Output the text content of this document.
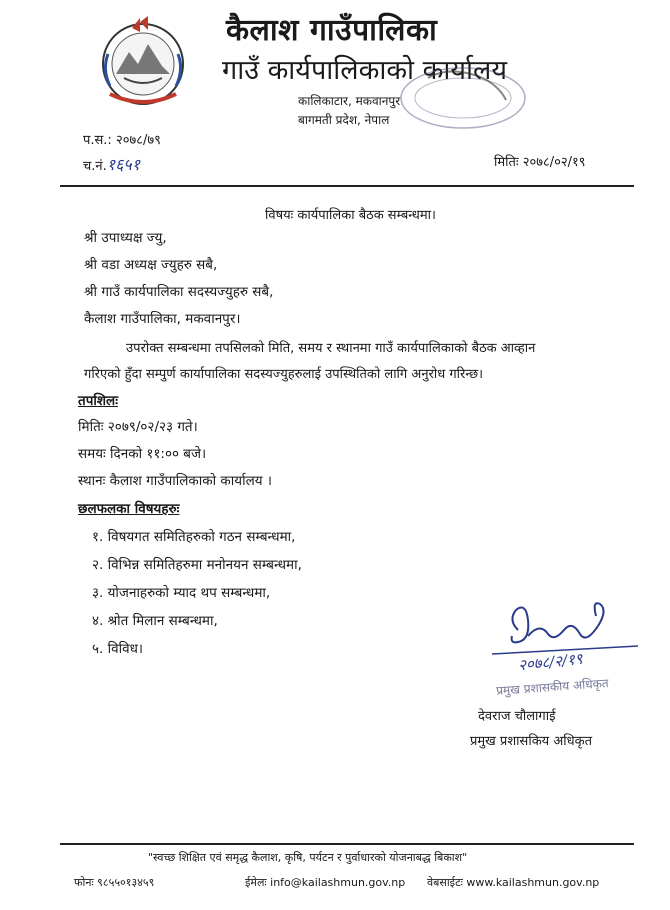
कैलाश गाउँपालिका
गाउँ कार्यपालिकाको कार्यालय
कालिकाटार, मकवानपुर
बागमती प्रदेश, नेपाल
प.स.: २०७८/७९
च.नं.१६५१	मितिः २०७८/०२/१९
विषयः कार्यपालिका बैठक सम्बन्धमा।
श्री उपाध्यक्ष ज्यु,
श्री वडा अध्यक्ष ज्युहरु सबै,
श्री गाउँ कार्यपालिका सदस्यज्युहरु सबै,
कैलाश गाउँपालिका, मकवानपुर।
उपरोक्त सम्बन्धमा तपसिलको मिति, समय र स्थानमा गाउँ कार्यपालिकाको बैठक आव्हान
गरिएको हुँदा सम्पुर्ण कार्यापालिका सदस्यज्युहरुलाई उपस्थितिको लागि अनुरोध गरिन्छ।
तपशिलः
मितिः २०७९/०२/२३ गते।
समयः दिनको ११:०० बजे।
स्थानः कैलाश गाउँपालिकाको कार्यालय ।
छलफलका विषयहरुः
१. विषयगत समितिहरुको गठन सम्बन्धमा,
२. विभिन्न समितिहरुमा मनोनयन सम्बन्धमा,
३. योजनाहरुको म्याद थप सम्बन्धमा,
४. श्रोत मिलान सम्बन्धमा,
५. विविध।
२०७८/२/१९
प्रमुख प्रशासकीय अधिकृत
देवराज चौलागाई
प्रमुख प्रशासकिय अधिकृत
"स्वच्छ शिक्षित एवं समृद्ध कैलाश, कृषि, पर्यटन र पुर्वाधारको योजनाबद्ध बिकाश"
फोनः ९८५५०१३४५९	ईमेलः info@kailashmun.gov.np वेबसाईटः www.kailashmun.gov.np
